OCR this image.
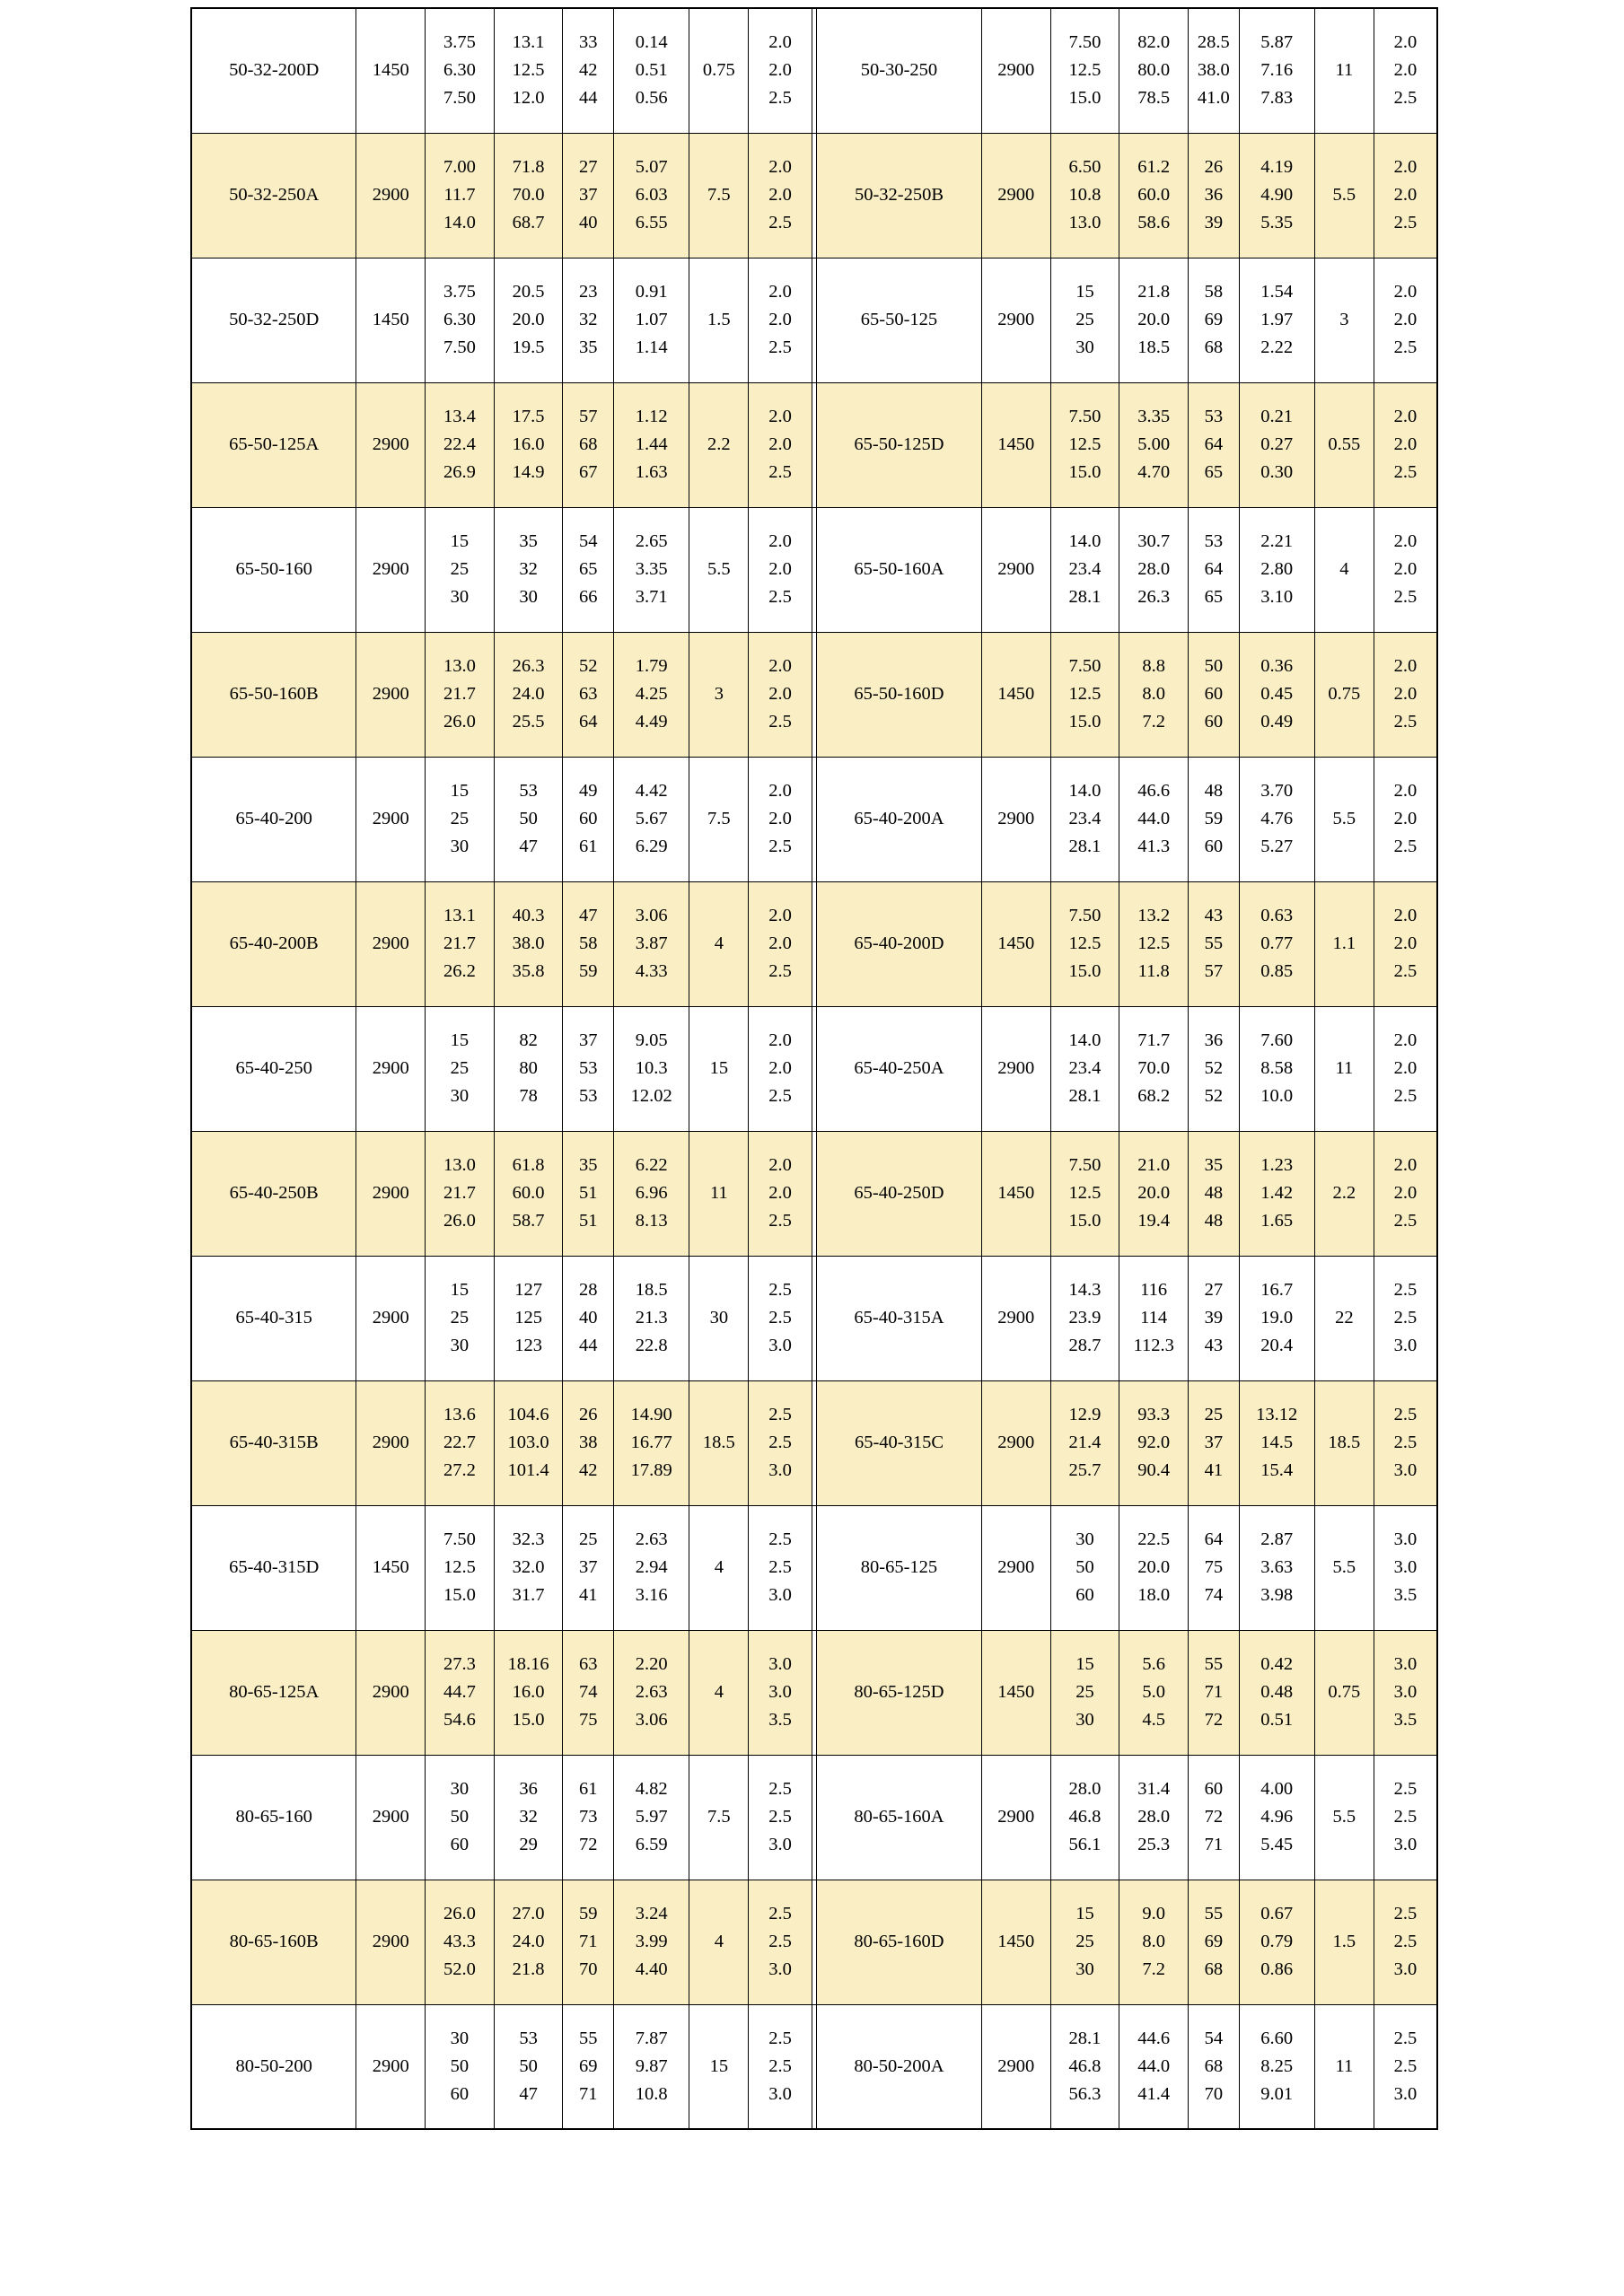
50-32-200D	1450	3.75
6.30
7.50	13.1
12.5
12.0	33
42
44	0.14
0.51
0.56	0.75	2.0
2.0
2.5		50-30-250	2900	7.50
12.5
15.0	82.0
80.0
78.5	28.5
38.0
41.0	5.87
7.16
7.83	11	2.0
2.0
2.5

50-32-250A	2900	7.00
11.7
14.0	71.8
70.0
68.7	27
37
40	5.07
6.03
6.55	7.5	2.0
2.0
2.5		50-32-250B	2900	6.50
10.8
13.0	61.2
60.0
58.6	26
36
39	4.19
4.90
5.35	5.5	2.0
2.0
2.5

50-32-250D	1450	3.75
6.30
7.50	20.5
20.0
19.5	23
32
35	0.91
1.07
1.14	1.5	2.0
2.0
2.5		65-50-125	2900	15
25
30	21.8
20.0
18.5	58
69
68	1.54
1.97
2.22	3	2.0
2.0
2.5

65-50-125A	2900	13.4
22.4
26.9	17.5
16.0
14.9	57
68
67	1.12
1.44
1.63	2.2	2.0
2.0
2.5		65-50-125D	1450	7.50
12.5
15.0	3.35
5.00
4.70	53
64
65	0.21
0.27
0.30	0.55	2.0
2.0
2.5

65-50-160	2900	15
25
30	35
32
30	54
65
66	2.65
3.35
3.71	5.5	2.0
2.0
2.5		65-50-160A	2900	14.0
23.4
28.1	30.7
28.0
26.3	53
64
65	2.21
2.80
3.10	4	2.0
2.0
2.5

65-50-160B	2900	13.0
21.7
26.0	26.3
24.0
25.5	52
63
64	1.79
4.25
4.49	3	2.0
2.0
2.5		65-50-160D	1450	7.50
12.5
15.0	8.8
8.0
7.2	50
60
60	0.36
0.45
0.49	0.75	2.0
2.0
2.5

65-40-200	2900	15
25
30	53
50
47	49
60
61	4.42
5.67
6.29	7.5	2.0
2.0
2.5		65-40-200A	2900	14.0
23.4
28.1	46.6
44.0
41.3	48
59
60	3.70
4.76
5.27	5.5	2.0
2.0
2.5

65-40-200B	2900	13.1
21.7
26.2	40.3
38.0
35.8	47
58
59	3.06
3.87
4.33	4	2.0
2.0
2.5		65-40-200D	1450	7.50
12.5
15.0	13.2
12.5
11.8	43
55
57	0.63
0.77
0.85	1.1	2.0
2.0
2.5

65-40-250	2900	15
25
30	82
80
78	37
53
53	9.05
10.3
12.02	15	2.0
2.0
2.5		65-40-250A	2900	14.0
23.4
28.1	71.7
70.0
68.2	36
52
52	7.60
8.58
10.0	11	2.0
2.0
2.5

65-40-250B	2900	13.0
21.7
26.0	61.8
60.0
58.7	35
51
51	6.22
6.96
8.13	11	2.0
2.0
2.5		65-40-250D	1450	7.50
12.5
15.0	21.0
20.0
19.4	35
48
48	1.23
1.42
1.65	2.2	2.0
2.0
2.5

65-40-315	2900	15
25
30	127
125
123	28
40
44	18.5
21.3
22.8	30	2.5
2.5
3.0		65-40-315A	2900	14.3
23.9
28.7	116
114
112.3	27
39
43	16.7
19.0
20.4	22	2.5
2.5
3.0

65-40-315B	2900	13.6
22.7
27.2	104.6
103.0
101.4	26
38
42	14.90
16.77
17.89	18.5	2.5
2.5
3.0		65-40-315C	2900	12.9
21.4
25.7	93.3
92.0
90.4	25
37
41	13.12
14.5
15.4	18.5	2.5
2.5
3.0

65-40-315D	1450	7.50
12.5
15.0	32.3
32.0
31.7	25
37
41	2.63
2.94
3.16	4	2.5
2.5
3.0		80-65-125	2900	30
50
60	22.5
20.0
18.0	64
75
74	2.87
3.63
3.98	5.5	3.0
3.0
3.5

80-65-125A	2900	27.3
44.7
54.6	18.16
16.0
15.0	63
74
75	2.20
2.63
3.06	4	3.0
3.0
3.5		80-65-125D	1450	15
25
30	5.6
5.0
4.5	55
71
72	0.42
0.48
0.51	0.75	3.0
3.0
3.5

80-65-160	2900	30
50
60	36
32
29	61
73
72	4.82
5.97
6.59	7.5	2.5
2.5
3.0		80-65-160A	2900	28.0
46.8
56.1	31.4
28.0
25.3	60
72
71	4.00
4.96
5.45	5.5	2.5
2.5
3.0

80-65-160B	2900	26.0
43.3
52.0	27.0
24.0
21.8	59
71
70	3.24
3.99
4.40	4	2.5
2.5
3.0		80-65-160D	1450	15
25
30	9.0
8.0
7.2	55
69
68	0.67
0.79
0.86	1.5	2.5
2.5
3.0

80-50-200	2900	30
50
60	53
50
47	55
69
71	7.87
9.87
10.8	15	2.5
2.5
3.0		80-50-200A	2900	28.1
46.8
56.3	44.6
44.0
41.4	54
68
70	6.60
8.25
9.01	11	2.5
2.5
3.0
